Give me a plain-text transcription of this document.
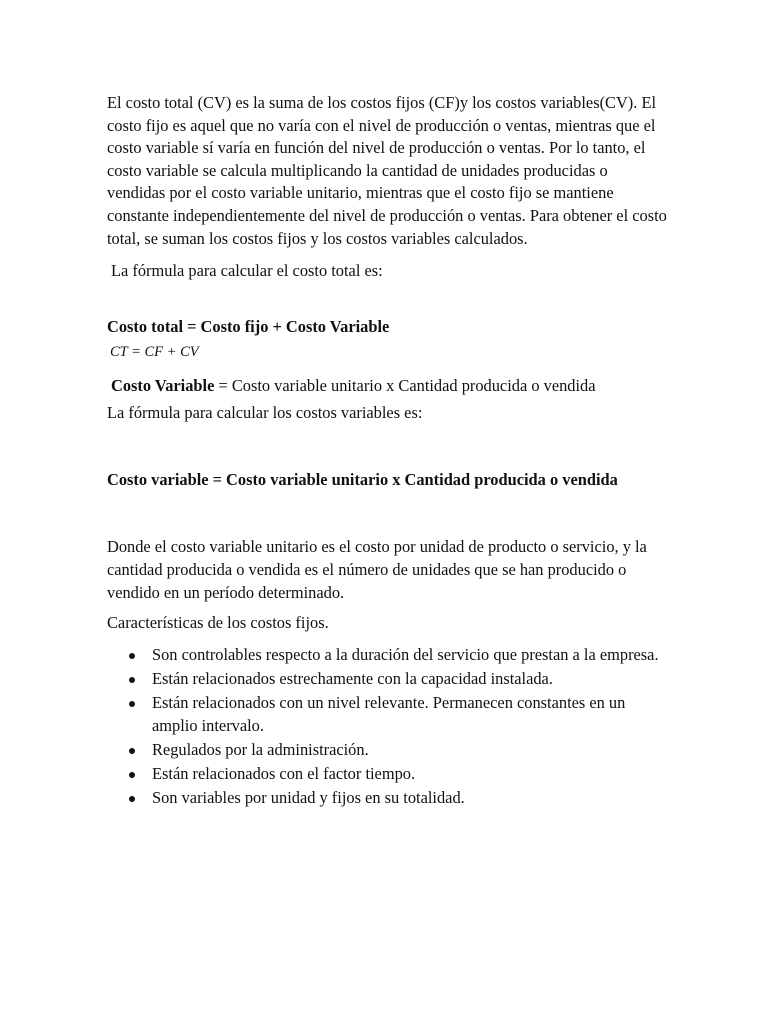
El costo total (CV) es la suma de los costos fijos (CF)y los costos variables(CV). El costo fijo es aquel que no varía con el nivel de producción o ventas, mientras que el costo variable sí varía en función del nivel de producción o ventas. Por lo tanto, el costo variable se calcula multiplicando la cantidad de unidades producidas o vendidas por el costo variable unitario, mientras que el costo fijo se mantiene constante independientemente del nivel de producción o ventas. Para obtener el costo total, se suman los costos fijos y los costos variables calculados.

La fórmula para calcular el costo total es:

Costo total = Costo fijo + Costo Variable

CT = CF + CV

Costo Variable = Costo variable unitario x Cantidad producida o vendida

La fórmula para calcular los costos variables es:

Costo variable = Costo variable unitario x Cantidad producida o vendida

Donde el costo variable unitario es el costo por unidad de producto o servicio, y la cantidad producida o vendida es el número de unidades que se han producido o vendido en un período determinado.

Características de los costos fijos.

Son controlables respecto a la duración del servicio que prestan a la empresa.
Están relacionados estrechamente con la capacidad instalada.
Están relacionados con un nivel relevante. Permanecen constantes en un amplio intervalo.
Regulados por la administración.
Están relacionados con el factor tiempo.
Son variables por unidad y fijos en su totalidad.
